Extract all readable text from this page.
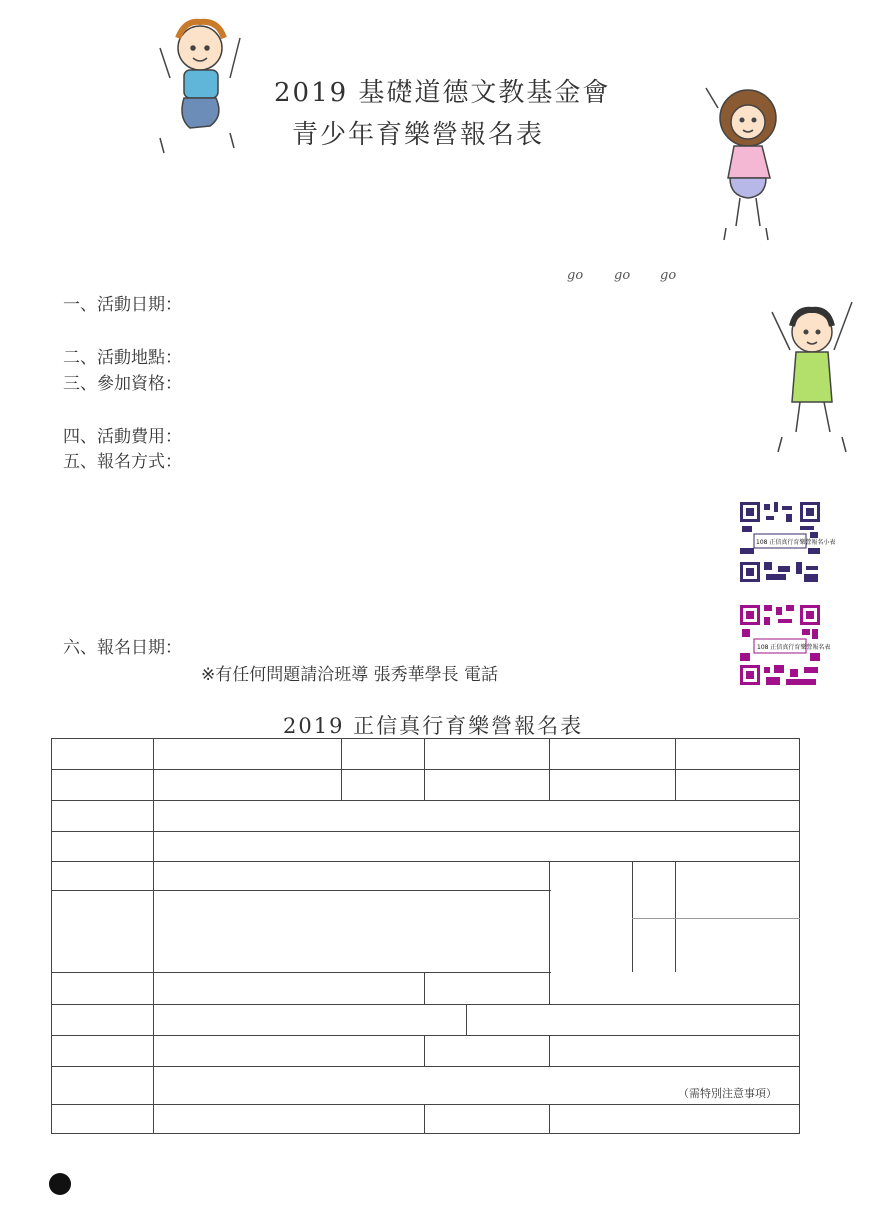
2019 基礎道德文教基金會
青少年育樂營報名表
go go go
一、活動日期：
二、活動地點：
三、參加資格：
四、活動費用：
五、報名方式：
六、報名日期：
※有任何問題請洽班導 張秀華學長 電話
108 正信真行育樂營報名小表
108 正信真行育樂營報名表
2019 正信真行育樂營報名表
（需特別注意事項）
